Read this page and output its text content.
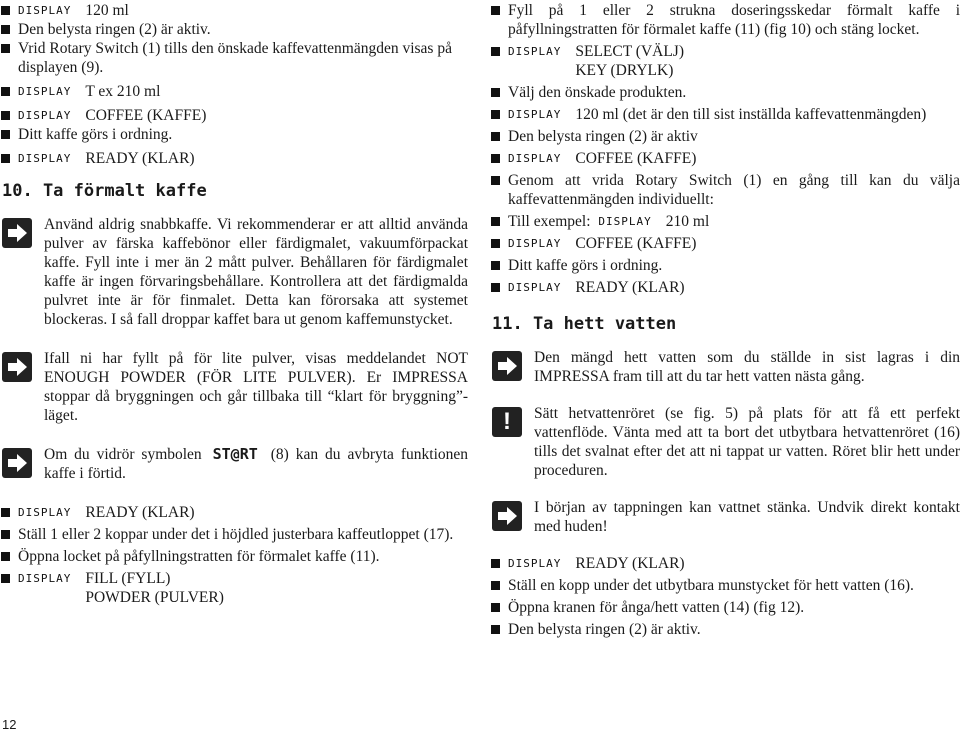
DISPLAY 120 ml
Den belysta ringen (2) är aktiv.
Vrid Rotary Switch (1) tills den önskade kaffevattenmängden visas på displayen (9).
DISPLAY T ex 210 ml
DISPLAY COFFEE (KAFFE)
Ditt kaffe görs i ordning.
DISPLAY READY (KLAR)
10. Ta förmalt kaffe
Använd aldrig snabbkaffe. Vi rekommenderar er att alltid använda pulver av färska kaffebönor eller färdigmalet, vakuumförpackat kaffe. Fyll inte i mer än 2 mått pulver. Behållaren för färdigmalet kaffe är ingen förvaringsbehållare. Kontrollera att det färdigmalda pulvret inte är för finmalet. Detta kan förorsaka att systemet blockeras. I så fall droppar kaffet bara ut genom kaffemunstycket.
Ifall ni har fyllt på för lite pulver, visas meddelandet NOT ENOUGH POWDER (FÖR LITE PULVER). Er IMPRESSA stoppar då bryggningen och går tillbaka till “klart för bryggning”-läget.
Om du vidrör symbolen ST@RT (8) kan du avbryta funktionen kaffe i förtid.
DISPLAY READY (KLAR)
Ställ 1 eller 2 koppar under det i höjdled justerbara kaffeutloppet (17).
Öppna locket på påfyllningstratten för förmalet kaffe (11).
DISPLAY FILL (FYLL)
POWDER (PULVER)
12
Fyll på 1 eller 2 strukna doseringsskedar förmalt kaffe i påfyllningstratten för förmalet kaffe (11) (fig 10) och stäng locket.
DISPLAY SELECT (VÄLJ)
KEY (DRYLK)
Välj den önskade produkten.
DISPLAY 120 ml (det är den till sist inställda kaffevattenmängden)
Den belysta ringen (2) är aktiv
DISPLAY COFFEE (KAFFE)
Genom att vrida Rotary Switch (1) en gång till kan du välja kaffevattenmängden individuellt:
Till exempel: DISPLAY 210 ml
DISPLAY COFFEE (KAFFE)
Ditt kaffe görs i ordning.
DISPLAY READY (KLAR)
11. Ta hett vatten
Den mängd hett vatten som du ställde in sist lagras i din IMPRESSA fram till att du tar hett vatten nästa gång.
!	Sätt hetvattenröret (se fig. 5) på plats för att få ett perfekt vattenflöde. Vänta med att ta bort det utbytbara hetvattenröret (16) tills det svalnat efter det att ni tappat ur vatten. Röret blir hett under proceduren.
I början av tappningen kan vattnet stänka. Undvik direkt kontakt med huden!
DISPLAY READY (KLAR)
Ställ en kopp under det utbytbara munstycket för hett vatten (16).
Öppna kranen för ånga/hett vatten (14) (fig 12).
Den belysta ringen (2) är aktiv.
